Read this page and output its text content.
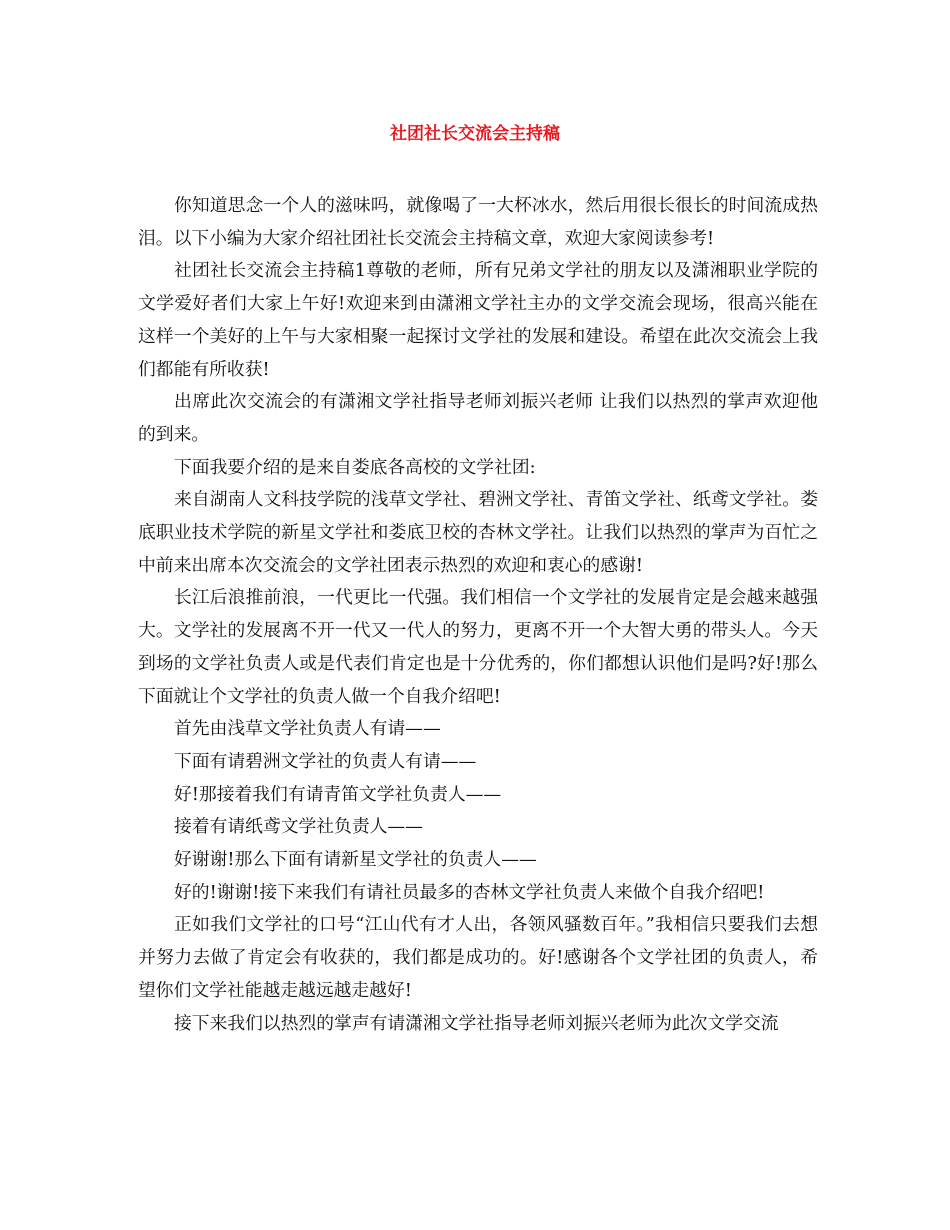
社团社长交流会主持稿

你知道思念一个人的滋味吗，就像喝了一大杯冰水，然后用很长很长的时间流成热泪。以下小编为大家介绍社团社长交流会主持稿文章，欢迎大家阅读参考!

社团社长交流会主持稿1尊敬的老师，所有兄弟文学社的朋友以及潇湘职业学院的文学爱好者们大家上午好!欢迎来到由潇湘文学社主办的文学交流会现场，很高兴能在这样一个美好的上午与大家相聚一起探讨文学社的发展和建设。希望在此次交流会上我们都能有所收获!

出席此次交流会的有潇湘文学社指导老师刘振兴老师 让我们以热烈的掌声欢迎他的到来。

下面我要介绍的是来自娄底各高校的文学社团:

来自湖南人文科技学院的浅草文学社、碧洲文学社、青笛文学社、纸鸢文学社。娄底职业技术学院的新星文学社和娄底卫校的杏林文学社。让我们以热烈的掌声为百忙之中前来出席本次交流会的文学社团表示热烈的欢迎和衷心的感谢!

长江后浪推前浪，一代更比一代强。我们相信一个文学社的发展肯定是会越来越强大。文学社的发展离不开一代又一代人的努力，更离不开一个大智大勇的带头人。今天到场的文学社负责人或是代表们肯定也是十分优秀的，你们都想认识他们是吗?好!那么下面就让个文学社的负责人做一个自我介绍吧!

首先由浅草文学社负责人有请——

下面有请碧洲文学社的负责人有请——

好!那接着我们有请青笛文学社负责人——

接着有请纸鸢文学社负责人——

好谢谢!那么下面有请新星文学社的负责人——

好的!谢谢!接下来我们有请社员最多的杏林文学社负责人来做个自我介绍吧!

正如我们文学社的口号“江山代有才人出，各领风骚数百年。”我相信只要我们去想并努力去做了肯定会有收获的，我们都是成功的。好!感谢各个文学社团的负责人，希望你们文学社能越走越远越走越好!

接下来我们以热烈的掌声有请潇湘文学社指导老师刘振兴老师为此次文学交流
